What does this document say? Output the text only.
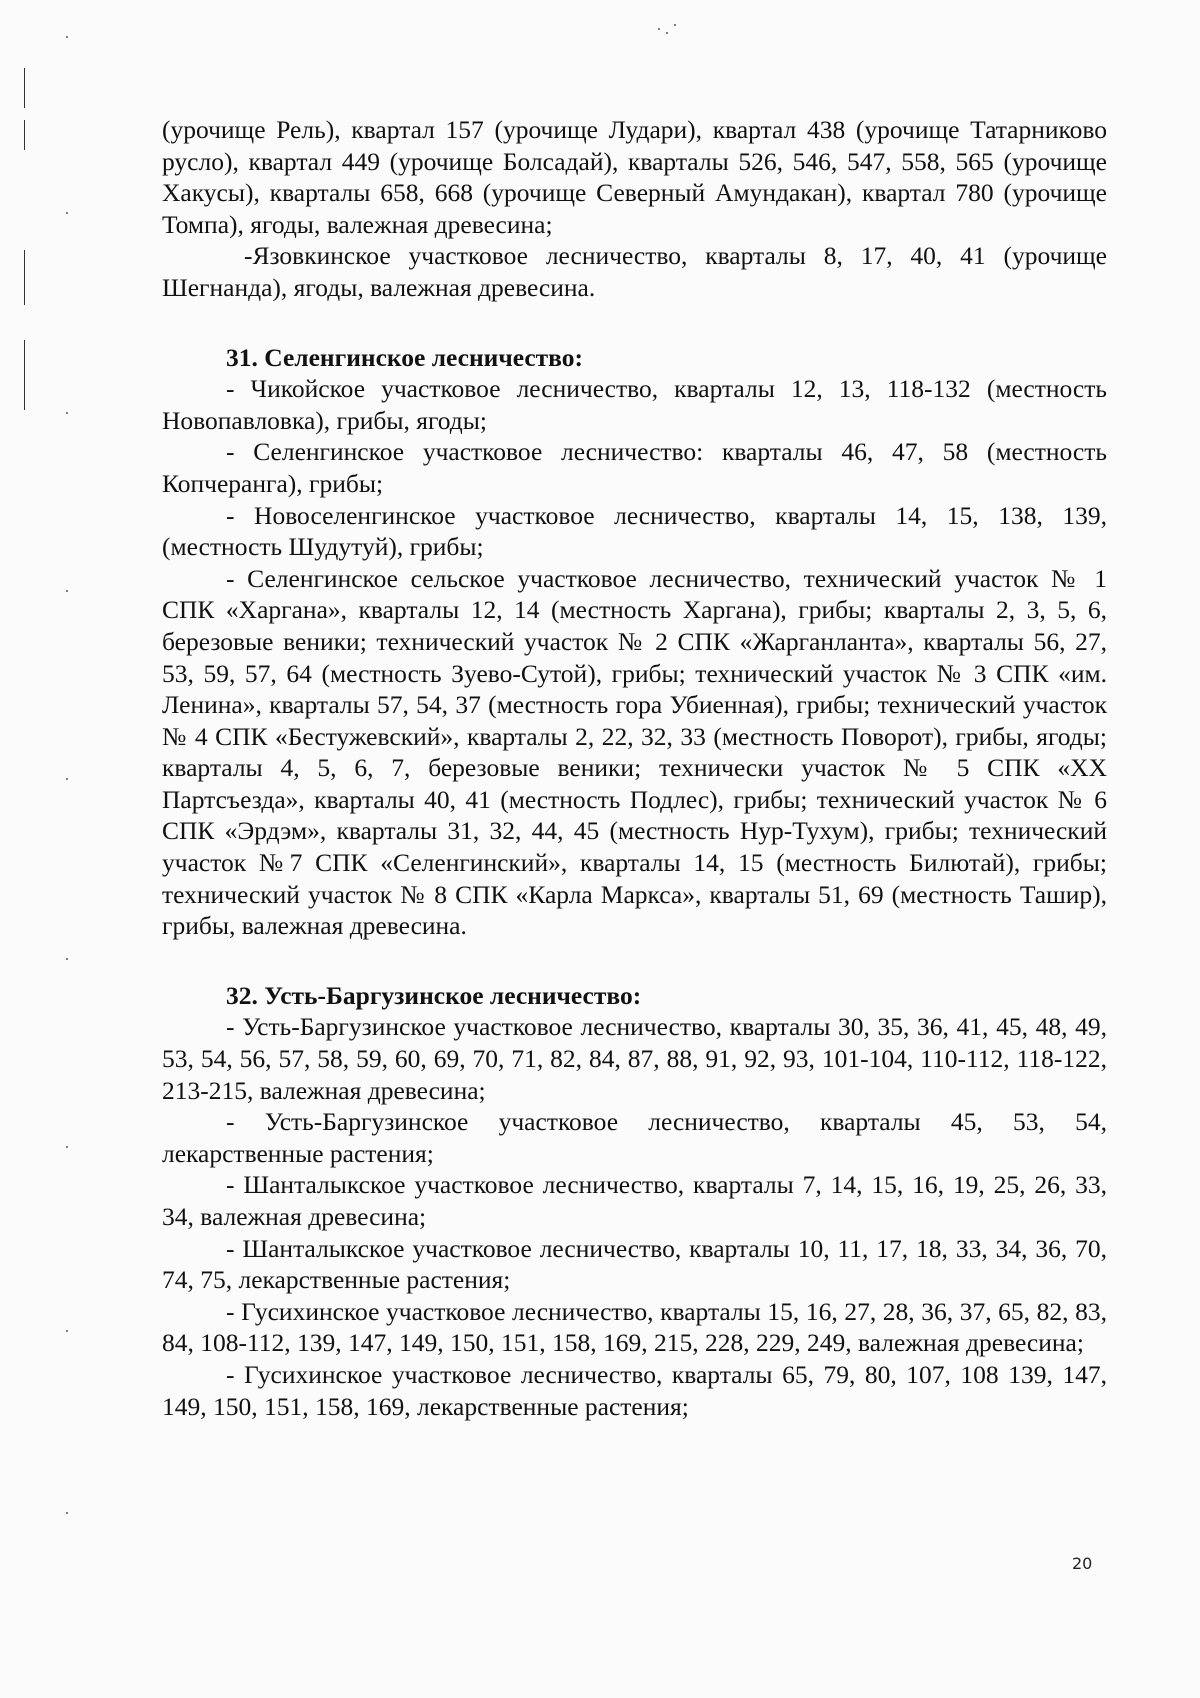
(урочище Рель), квартал 157 (урочище Лудари), квартал 438 (урочище Татарниково русло), квартал 449 (урочище Болсадай), кварталы 526, 546, 547, 558, 565 (урочище Хакусы), кварталы 658, 668 (урочище Северный Амундакан), квартал 780 (урочище Томпа), ягоды, валежная древесина;

-Язовкинское участковое лесничество, кварталы 8, 17, 40, 41 (урочище Шегнанда), ягоды, валежная древесина.

31. Селенгинское лесничество:

- Чикойское участковое лесничество, кварталы 12, 13, 118-132 (местность Новопавловка), грибы, ягоды;

- Селенгинское участковое лесничество: кварталы 46, 47, 58 (местность Копчеранга), грибы;

- Новоселенгинское участковое лесничество, кварталы 14, 15, 138, 139, (местность Шудутуй), грибы;

- Селенгинское сельское участковое лесничество, технический участок № 1 СПК «Харгана», кварталы 12, 14 (местность Харгана), грибы; кварталы 2, 3, 5, 6, березовые веники; технический участок № 2 СПК «Жарганланта», кварталы 56, 27, 53, 59, 57, 64 (местность Зуево-Сутой), грибы; технический участок № 3 СПК «им. Ленина», кварталы 57, 54, 37 (местность гора Убиенная), грибы; технический участок № 4 СПК «Бестужевский», кварталы 2, 22, 32, 33 (местность Поворот), грибы, ягоды; кварталы 4, 5, 6, 7, березовые веники; технически участок № 5 СПК «XX Партсъезда», кварталы 40, 41 (местность Подлес), грибы; технический участок № 6 СПК «Эрдэм», кварталы 31, 32, 44, 45 (местность Нур-Тухум), грибы; технический участок №7 СПК «Селенгинский», кварталы 14, 15 (местность Билютай), грибы; технический участок № 8 СПК «Карла Маркса», кварталы 51, 69 (местность Ташир), грибы, валежная древесина.

32. Усть-Баргузинское лесничество:

- Усть-Баргузинское участковое лесничество, кварталы 30, 35, 36, 41, 45, 48, 49, 53, 54, 56, 57, 58, 59, 60, 69, 70, 71, 82, 84, 87, 88, 91, 92, 93, 101-104, 110-112, 118-122, 213-215, валежная древесина;

- Усть-Баргузинское участковое лесничество, кварталы 45, 53, 54, лекарственные растения;

- Шанталыкское участковое лесничество, кварталы 7, 14, 15, 16, 19, 25, 26, 33, 34, валежная древесина;

- Шанталыкское участковое лесничество, кварталы 10, 11, 17, 18, 33, 34, 36, 70, 74, 75, лекарственные растения;

- Гусихинское участковое лесничество, кварталы 15, 16, 27, 28, 36, 37, 65, 82, 83, 84, 108-112, 139, 147, 149, 150, 151, 158, 169, 215, 228, 229, 249, валежная древесина;

- Гусихинское участковое лесничество, кварталы 65, 79, 80, 107, 108 139, 147, 149, 150, 151, 158, 169, лекарственные растения;

20
